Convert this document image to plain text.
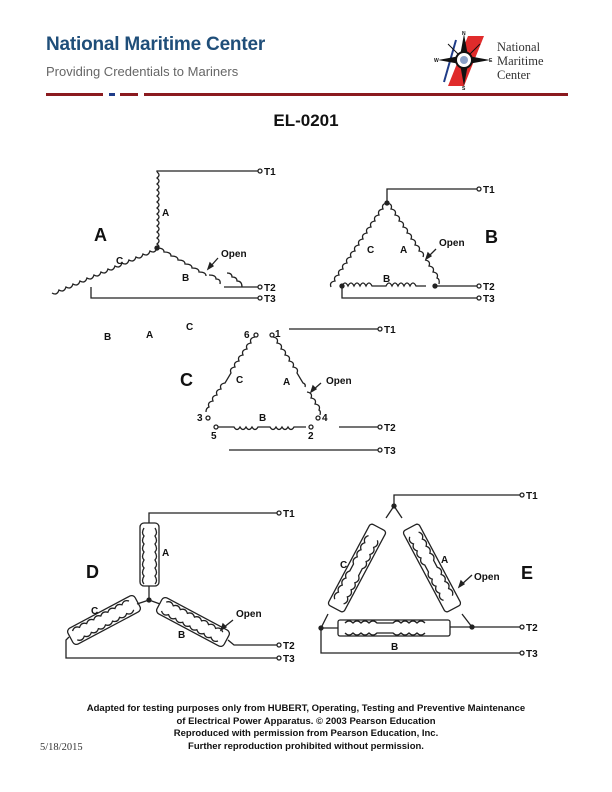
National Maritime Center
Providing Credentials to Mariners
N
E
S
W
National
Maritime
Center
EL-0201
A
A
B
C
Open
T1
T2
T3
B
C	A
B
Open
T1
T2
T3
B	A
C
C	C	A
B
6	1
3	4
5	2
Open
T1
T2
T3
D
A
C
B
Open
T1
T2
T3
E
C	A
B
Open
T1
T2
T3
Adapted for testing purposes only from HUBERT, Operating, Testing and Preventive Maintenance
of Electrical Power Apparatus. © 2003 Pearson Education
Reproduced with permission from Pearson Education, Inc.
Further reproduction prohibited without permission.
5/18/2015
